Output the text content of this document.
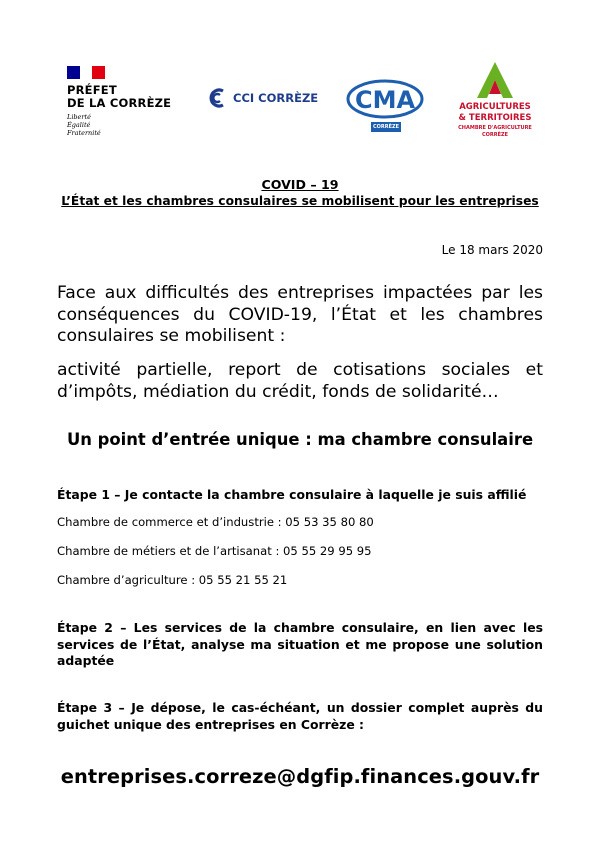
PRÉFET
DE LA CORRÈZE
Liberté
Égalité
Fraternité
CCI CORRÈZE CMA
CORRÈZE
AGRICULTURES
& TERRITOIRES
CHAMBRE D'AGRICULTURE
CORRÈZE
COVID – 19
L’État et les chambres consulaires se mobilisent pour les entreprises
Le 18 mars 2020
Face aux difficultés des entreprises impactées par les conséquences du COVID-19, l’État et les chambres consulaires se mobilisent :
activité partielle, report de cotisations sociales et d’impôts, médiation du crédit, fonds de solidarité…
Un point d’entrée unique : ma chambre consulaire
Étape 1 – Je contacte la chambre consulaire à laquelle je suis affilié
Chambre de commerce et d’industrie : 05 53 35 80 80
Chambre de métiers et de l’artisanat : 05 55 29 95 95
Chambre d’agriculture : 05 55 21 55 21
Étape 2 – Les services de la chambre consulaire, en lien avec les services de l’État, analyse ma situation et me propose une solution adaptée
Étape 3 – Je dépose, le cas-échéant, un dossier complet auprès du guichet unique des entreprises en Corrèze :
entreprises.correze@dgfip.finances.gouv.fr
